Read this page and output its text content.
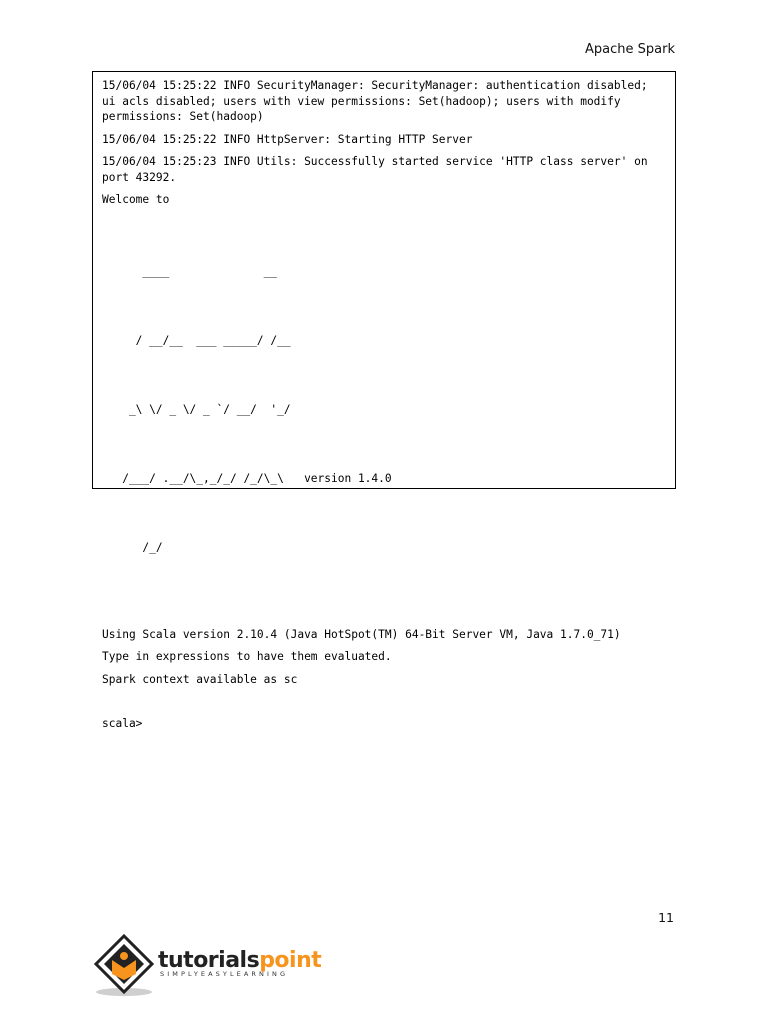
Apache Spark
15/06/04 15:25:22 INFO SecurityManager: SecurityManager: authentication disabled; ui acls disabled; users with view permissions: Set(hadoop); users with modify permissions: Set(hadoop)
15/06/04 15:25:22 INFO HttpServer: Starting HTTP Server
15/06/04 15:25:23 INFO Utils: Successfully started service 'HTTP class server' on port 43292.
Welcome to

____              __

/ __/__  ___ _____/ /__

_\ \/ _ \/ _ `/ __/  '_/

/___/ .__/\_,_/_/ /_/\_\   version 1.4.0

/_/

Using Scala version 2.10.4 (Java HotSpot(TM) 64-Bit Server VM, Java 1.7.0_71)
Type in expressions to have them evaluated.
Spark context available as sc
scala>
11
tutorialspoint
SIMPLYEASYLEARNING
